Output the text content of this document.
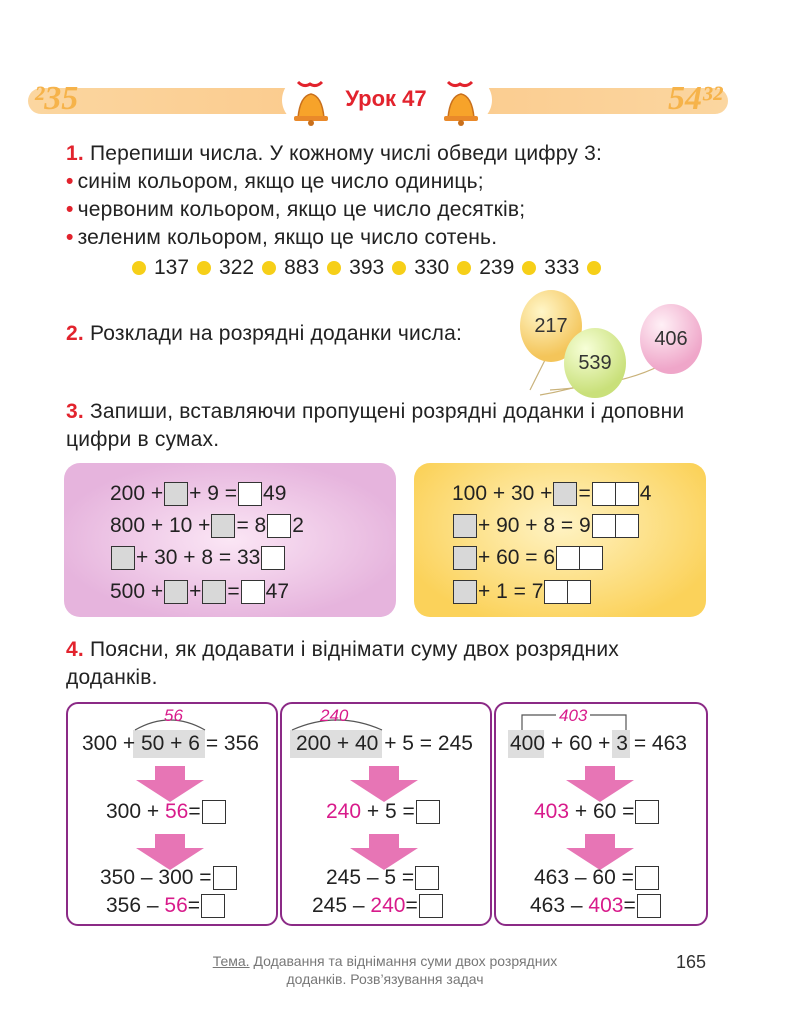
²35	54³²
Урок 47
1. Перепиши числа. У кожному числі обведи цифру 3:
• синім кольором, якщо це число одиниць;
• червоним кольором, якщо це число десятків;
• зеленим кольором, якщо це число сотень.
137 322 883 393 330 239 333
2. Розклади на розрядні доданки числа:	217
539
406
3. Запиши, вставляючи пропущені розрядні доданки і доповни
цифри в сумах.
200 + + 9 = 49
800 + 10 + = 8 2
+ 30 + 8 = 33
500 + + = 47
100 + 30 + = 4
+ 90 + 8 = 9
+ 60 = 6
+ 1 = 7
4. Поясни, як додавати і віднімати суму двох розрядних
доданків.
56
300 +
50 + 6
= 356
300 +
56 =
350 – 300 =
356 –
56 =
240
200 + 40
+ 5 = 245
240
+ 5 =
245 – 5 =
245 –
240 =
403
400
+ 60 +
3
= 463
403
+ 60 =
463 – 60 =
463 –
403 =
Тема. Додавання та віднімання суми двох розрядних
доданків. Розв’язування задач
165
